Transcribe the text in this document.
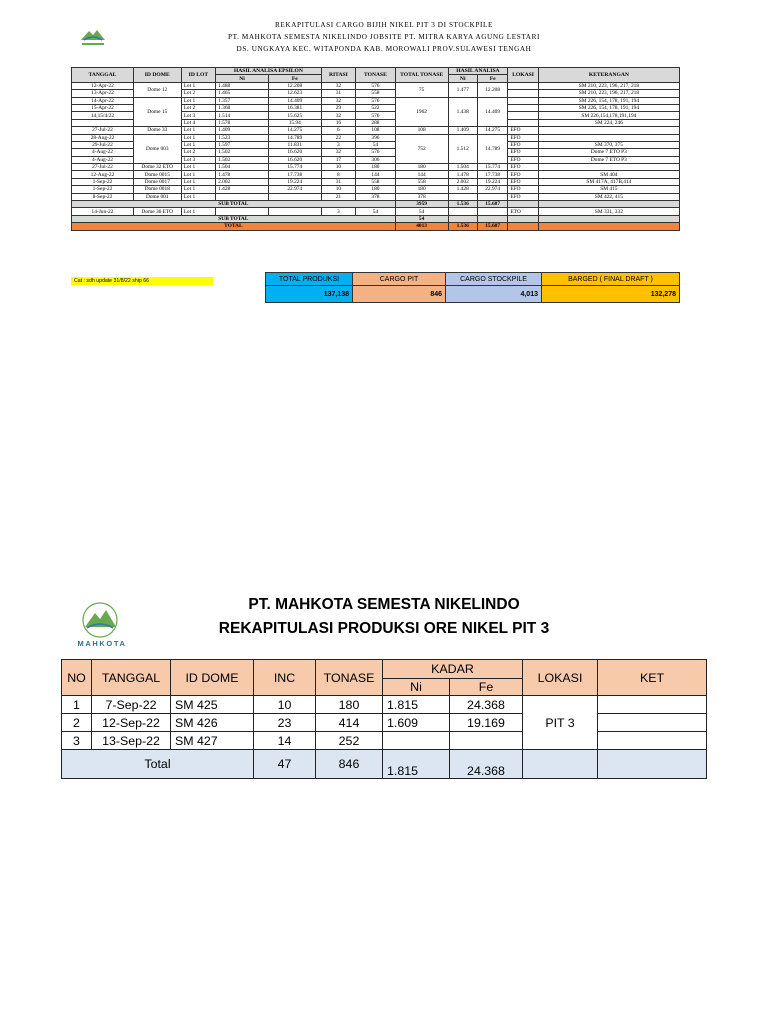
REKAPITULASI CARGO BIJIH NIKEL PIT 3 DI STOCKPILE
PT. MAHKOTA SEMESTA NIKELINDO JOBSITE PT. MITRA KARYA AGUNG LESTARI
DS. UNGKAYA KEC. WITAPONDA KAB. MOROWALI PROV.SULAWESI TENGAH
TANGGAL	ID DOME	ID LOT	HASIL ANALISA EPSILON		RITASI	TONASE	TOTAL TONASE	HASIL ANALISA		LOKASI	KETERANGAN
			Ni	Fe				Ni	Fe		
12-Apr-22	Dome 12	Lot 1	1.488	12.208	32	576	75	1.477	12.208		SM 210, 223, 196, 217, 218
13-Apr-22		Lot 2	1.465	12.623	31	558					SM 210, 223, 196, 217, 218
14-Apr-22	Dome 15	Lot 1	1.357	14.409	32	576	1962	1.438	14.409		SM 226, 154, 178, 191, 194
15-Apr-22		Lot 2	1.368	16.381	29	522					SM 226, 154, 178, 191, 194
14,15/4/22		Lot 3	1.514	15.625	32	576					SM 226,154,178,191,194
		Lot 4	1.578	15.94	16	288					SM 224, 246
27-Jul-22	Dome 33	Lot 1	1.409	14.275	6	108	108	1.409	14.275	EFO	
28-Aug-22	Dome 003	Lot 1	1.523	14.789	22	396	752	1.512	14.789	EFO	
29-Jul-22		Lot 1	1.597	11.831	3	54				EFO	SM 370, 375
4-Aug-22		Lot 2	1.502	16.620	32	576				EFO	Dome 7 ETO P3
4-Aug-22		Lot 3	1.502	16.620	17	306				EFO	Dome 7 ETO P3
27-Jul-22	Dome 32 ETO	Lot 1	1.504	15.774	10	180	180	1.504	15.774	EFO	
12-Aug-22	Dome 0015	Lot 1	1.478	17.738	8	144	144	1.478	17.738	EFO	SM 404
1-Sep-22	Dome 0017	Lot 1	2.002	19.224	31	558	558	2.002	19.224	EFO	SM 417A, 417B,414
1-Sep-22	Dome 0018	Lot 1	1.428	22.974	10	180	180	1.428	22.974	EFO	SM 415
8-Sep-22	Dome 001	Lot 1			21	378	378			EFO	SM 422, 415
SUB TOTAL							3959	1.536	15.687		
14-Jun-22	Dome 36 ETO	Lot 1			3	54	54			ETO	SM 331, 332
SUB TOTAL							54				
TOTAL							4013	1.536	15.687		
Cat : sdh update 31/8/22 ship 66	TOTAL PRODUKSI	CARGO PIT	CARGO STOCKPILE	BARGED ( FINAL DRAFT )
137,138	846	4,013	132,278
MAHKOTA
PT. MAHKOTA SEMESTA NIKELINDO
REKAPITULASI PRODUKSI ORE NIKEL PIT 3
NO	TANGGAL	ID DOME	INC	TONASE	KADAR		LOKASI	KET
					Ni	Fe		
1	7-Sep-22	SM 425	10	180	1.815	24.368	PIT 3	
2	12-Sep-22	SM 426	23	414	1.609	19.169		
3	13-Sep-22	SM 427	14	252				
Total			47	846	1.815	24.368		
